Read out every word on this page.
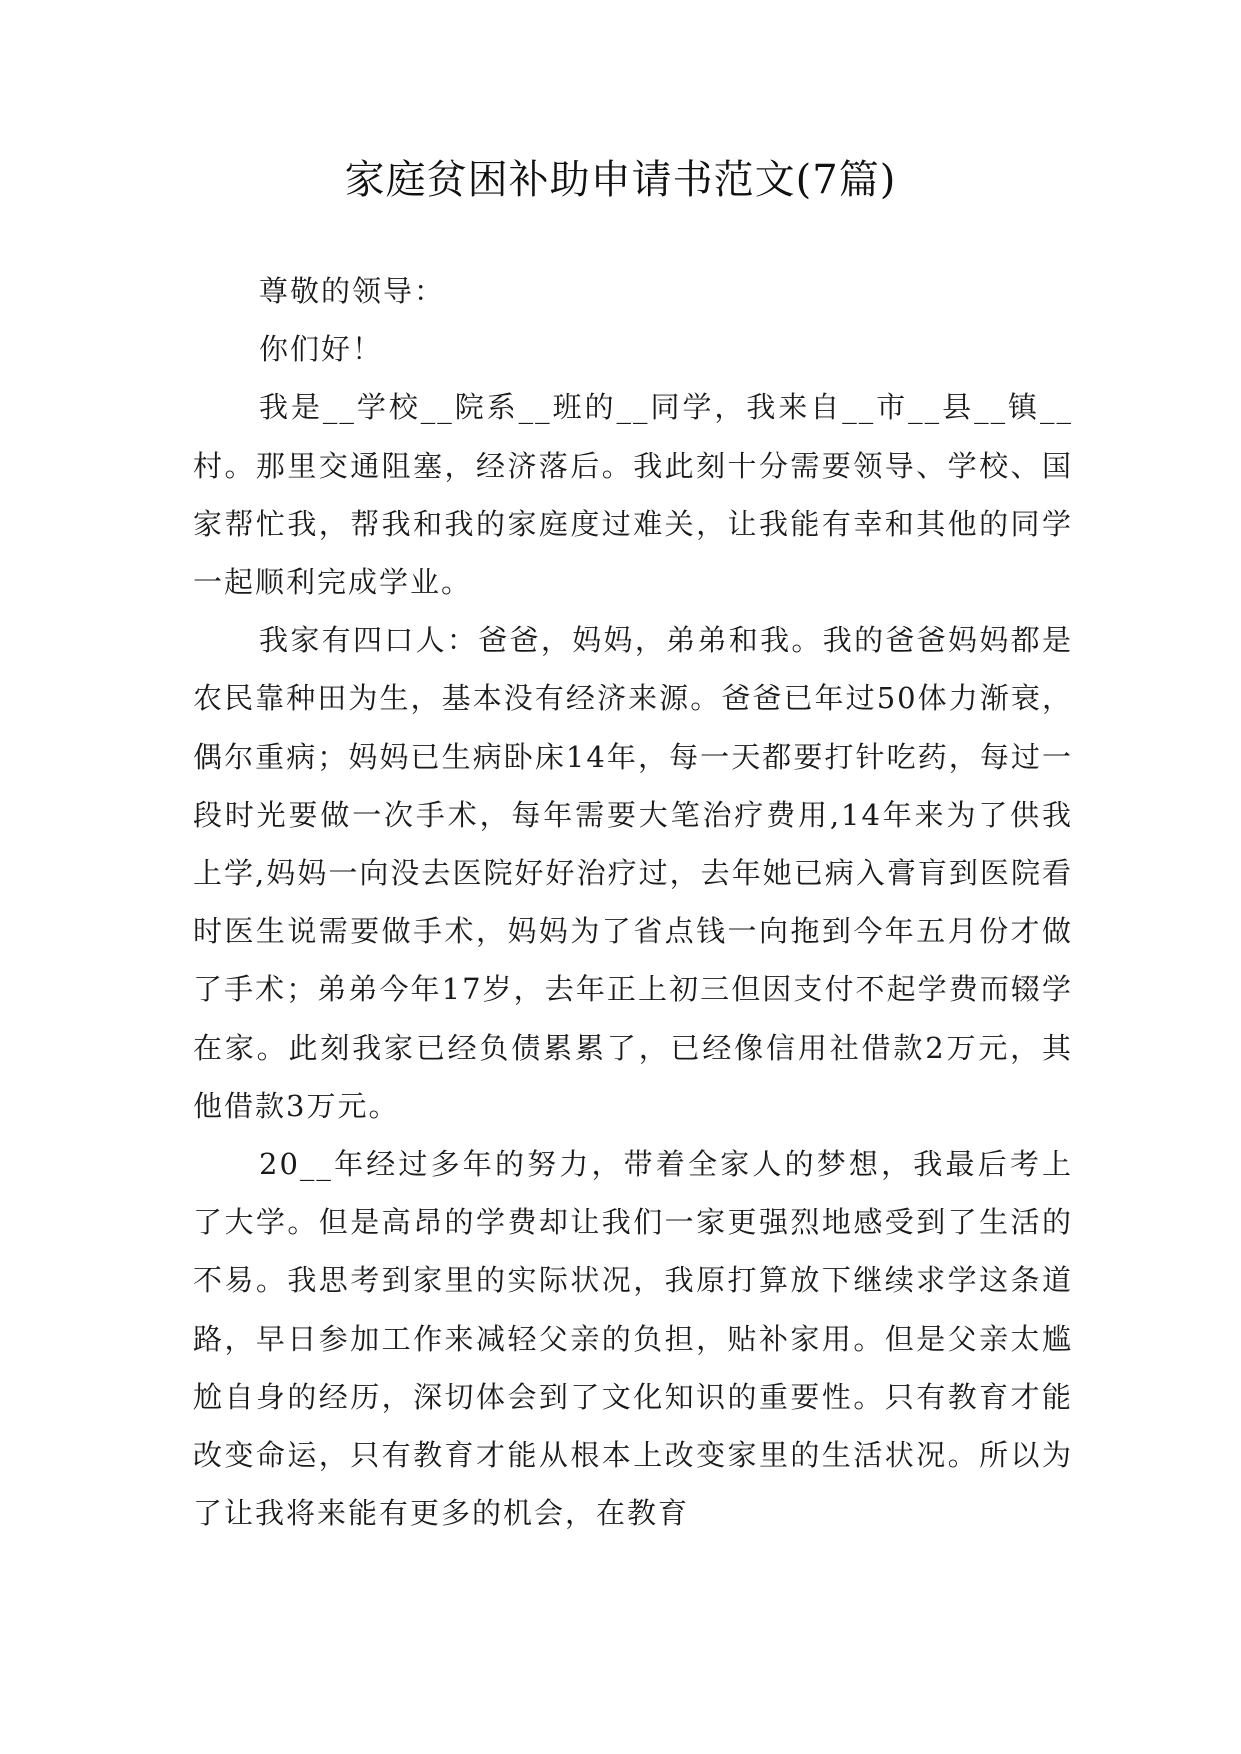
家庭贫困补助申请书范文(7篇)

尊敬的领导：

你们好！

我是__学校__院系__班的__同学，我来自__市__县__镇__村。那里交通阻塞，经济落后。我此刻十分需要领导、学校、国家帮忙我，帮我和我的家庭度过难关，让我能有幸和其他的同学一起顺利完成学业。

我家有四口人：爸爸，妈妈，弟弟和我。我的爸爸妈妈都是农民靠种田为生，基本没有经济来源。爸爸已年过50体力渐衰，偶尔重病；妈妈已生病卧床14年，每一天都要打针吃药，每过一段时光要做一次手术，每年需要大笔治疗费用,14年来为了供我上学,妈妈一向没去医院好好治疗过，去年她已病入膏肓到医院看时医生说需要做手术，妈妈为了省点钱一向拖到今年五月份才做了手术；弟弟今年17岁，去年正上初三但因支付不起学费而辍学在家。此刻我家已经负债累累了，已经像信用社借款2万元，其他借款3万元。

20__年经过多年的努力，带着全家人的梦想，我最后考上了大学。但是高昂的学费却让我们一家更强烈地感受到了生活的不易。我思考到家里的实际状况，我原打算放下继续求学这条道路，早日参加工作来减轻父亲的负担，贴补家用。但是父亲太尴尬自身的经历，深切体会到了文化知识的重要性。只有教育才能改变命运，只有教育才能从根本上改变家里的生活状况。所以为了让我将来能有更多的机会，在教育
